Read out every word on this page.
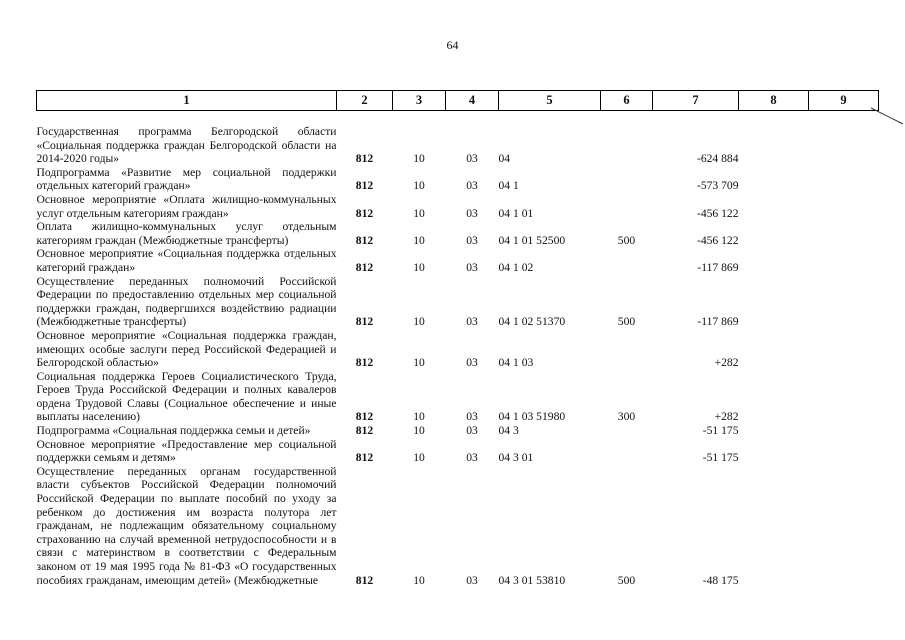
64
1	2	3	4	5	6	7	8	9

Государственная программа Белгородской области «Социальная поддержка граждан Белгородской области на 2014-2020 годы»	812	10	03	04		-624 884		
Подпрограмма «Развитие мер социальной поддержки отдельных категорий граждан»	812	10	03	04 1		-573 709		
Основное мероприятие «Оплата жилищно-коммунальных услуг отдельным категориям граждан»	812	10	03	04 1 01		-456 122		
Оплата жилищно-коммунальных услуг отдельным категориям граждан (Межбюджетные трансферты)	812	10	03	04 1 01 52500	500	-456 122		
Основное мероприятие «Социальная поддержка отдельных категорий граждан»	812	10	03	04 1 02		-117 869		
Осуществление переданных полномочий Российской Федерации по предоставлению отдельных мер социальной поддержки граждан, подвергшихся воздействию радиации (Межбюджетные трансферты)	812	10	03	04 1 02 51370	500	-117 869		
Основное мероприятие «Социальная поддержка граждан, имеющих особые заслуги перед Российской Федерацией и Белгородской областью»	812	10	03	04 1 03		+282		
Социальная поддержка Героев Социалистического Труда, Героев Труда Российской Федерации и полных кавалеров ордена Трудовой Славы (Социальное обеспечение и иные выплаты населению)	812	10	03	04 1 03 51980	300	+282		
Подпрограмма «Социальная поддержка семьи и детей»	812	10	03	04 3		-51 175		
Основное мероприятие «Предоставление мер социальной поддержки семьям и детям»	812	10	03	04 3 01		-51 175		
Осуществление переданных органам государственной власти субъектов Российской Федерации полномочий Российской Федерации по выплате пособий по уходу за ребенком до достижения им возраста полутора лет гражданам, не подлежащим обязательному социальному страхованию на случай временной нетрудоспособности и в связи с материнством в соответствии с Федеральным законом от 19 мая 1995 года № 81-ФЗ «О государственных пособиях гражданам, имеющим детей» (Межбюджетные	812	10	03	04 3 01 53810	500	-48 175		
